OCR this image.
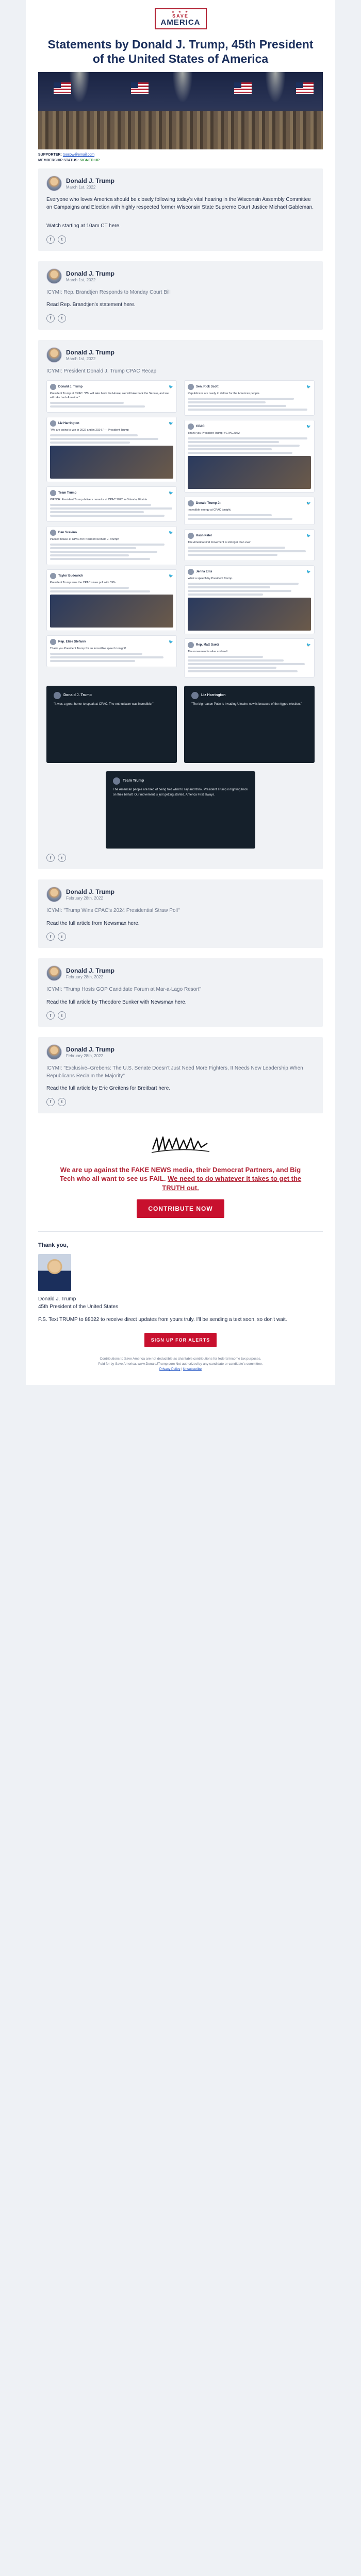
★ ★ ★
SAVE
AMERICA
Statements by Donald J. Trump, 45th President of the United States of America
SUPPORTER: toocow@email.com
MEMBERSHIP STATUS: SIGNED UP
Donald J. Trump
March 1st, 2022
Everyone who loves America should be closely following today's vital hearing in the Wisconsin Assembly Committee on Campaigns and Election with highly respected former Wisconsin State Supreme Court Justice Michael Gableman.
Watch starting at 10am CT here.
f	t
Donald J. Trump
March 1st, 2022
ICYMI: Rep. Brandtjen Responds to Monday Court Bill
Read Rep. Brandtjen's statement here.
f	t
Donald J. Trump
March 1st, 2022
ICYMI: President Donald J. Trump CPAC Recap
Donald J. Trump	🐦
President Trump at CPAC: "We will take back the House, we will take back the Senate, and we will take back America."
Liz Harrington	🐦
"We are going to win in 2022 and in 2024." — President Trump
Team Trump	🐦
WATCH: President Trump delivers remarks at CPAC 2022 in Orlando, Florida.
Dan Scavino	🐦
Packed house at CPAC for President Donald J. Trump!
Taylor Budowich	🐦
President Trump wins the CPAC straw poll with 59%.
Rep. Elise Stefanik	🐦
Thank you President Trump for an incredible speech tonight!
Sen. Rick Scott	🐦
Republicans are ready to deliver for the American people.
CPAC	🐦
Thank you President Trump! #CPAC2022
Donald Trump Jr.	🐦
Incredible energy at CPAC tonight.
Kash Patel	🐦
The America First movement is stronger than ever.
Jenna Ellis	🐦
What a speech by President Trump.
Rep. Matt Gaetz	🐦
The movement is alive and well.
Donald J. Trump
"It was a great honor to speak at CPAC. The enthusiasm was incredible."
Liz Harrington
"The big reason Putin is invading Ukraine now is because of the rigged election."
Team Trump
The American people are tired of being told what to say and think. President Trump is fighting back on their behalf. Our movement is just getting started. America First always.
f	t
Donald J. Trump
February 28th, 2022
ICYMI: "Trump Wins CPAC's 2024 Presidential Straw Poll"
Read the full article from Newsmax here.
f	t
Donald J. Trump
February 28th, 2022
ICYMI: "Trump Hosts GOP Candidate Forum at Mar-a-Lago Resort"
Read the full article by Theodore Bunker with Newsmax here.
f	t
Donald J. Trump
February 28th, 2022
ICYMI: "Exclusive–Grebens: The U.S. Senate Doesn't Just Need More Fighters, It Needs New Leadership When Republicans Reclaim the Majority"
Read the full article by Eric Greitens for Breitbart here.
f	t
We are up against the FAKE NEWS media, their Democrat Partners, and Big Tech who all want to see us FAIL. We need to do whatever it takes to get the TRUTH out.
CONTRIBUTE NOW
Thank you,
Donald J. Trump
45th President of the United States
P.S. Text TRUMP to 88022 to receive direct updates from yours truly. I'll be sending a text soon, so don't wait.
SIGN UP FOR ALERTS
Contributions to Save America are not deductible as charitable contributions for federal income tax purposes.
Paid for by Save America. www.DonaldJTrump.com Not authorized by any candidate or candidate's committee.
Privacy Policy | Unsubscribe
